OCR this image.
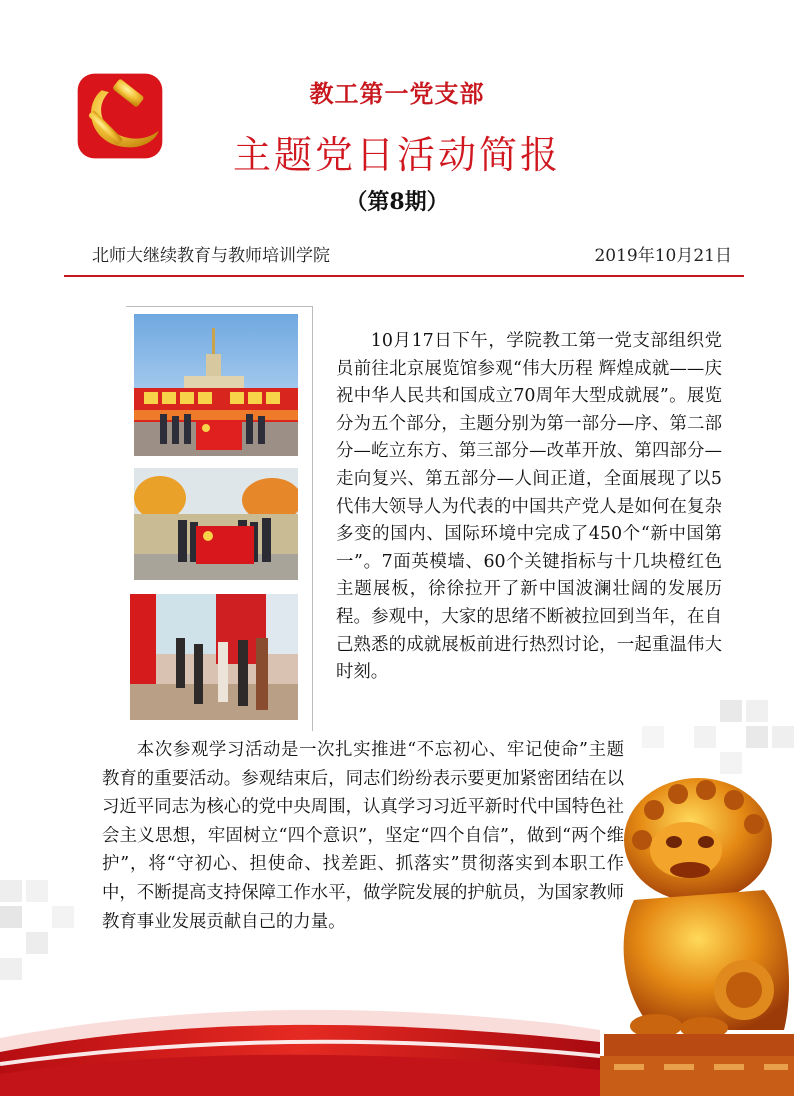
教工第一党支部
主题党日活动简报
（第8期）
北师大继续教育与教师培训学院	2019年10月21日

10月17日下午，学院教工第一党支部组织党员前往北京展览馆参观“伟大历程 辉煌成就——庆祝中华人民共和国成立70周年大型成就展”。展览分为五个部分，主题分别为第一部分—序、第二部分—屹立东方、第三部分—改革开放、第四部分—走向复兴、第五部分—人间正道，全面展现了以5代伟大领导人为代表的中国共产党人是如何在复杂多变的国内、国际环境中完成了450个“新中国第一”。7面英模墙、60个关键指标与十几块橙红色主题展板，徐徐拉开了新中国波澜壮阔的发展历程。参观中，大家的思绪不断被拉回到当年，在自己熟悉的成就展板前进行热烈讨论，一起重温伟大时刻。

本次参观学习活动是一次扎实推进“不忘初心、牢记使命”主题教育的重要活动。参观结束后，同志们纷纷表示要更加紧密团结在以习近平同志为核心的党中央周围，认真学习习近平新时代中国特色社会主义思想，牢固树立“四个意识”，坚定“四个自信”，做到“两个维护”，将“守初心、担使命、找差距、抓落实”贯彻落实到本职工作中，不断提高支持保障工作水平，做学院发展的护航员，为国家教师教育事业发展贡献自己的力量。
